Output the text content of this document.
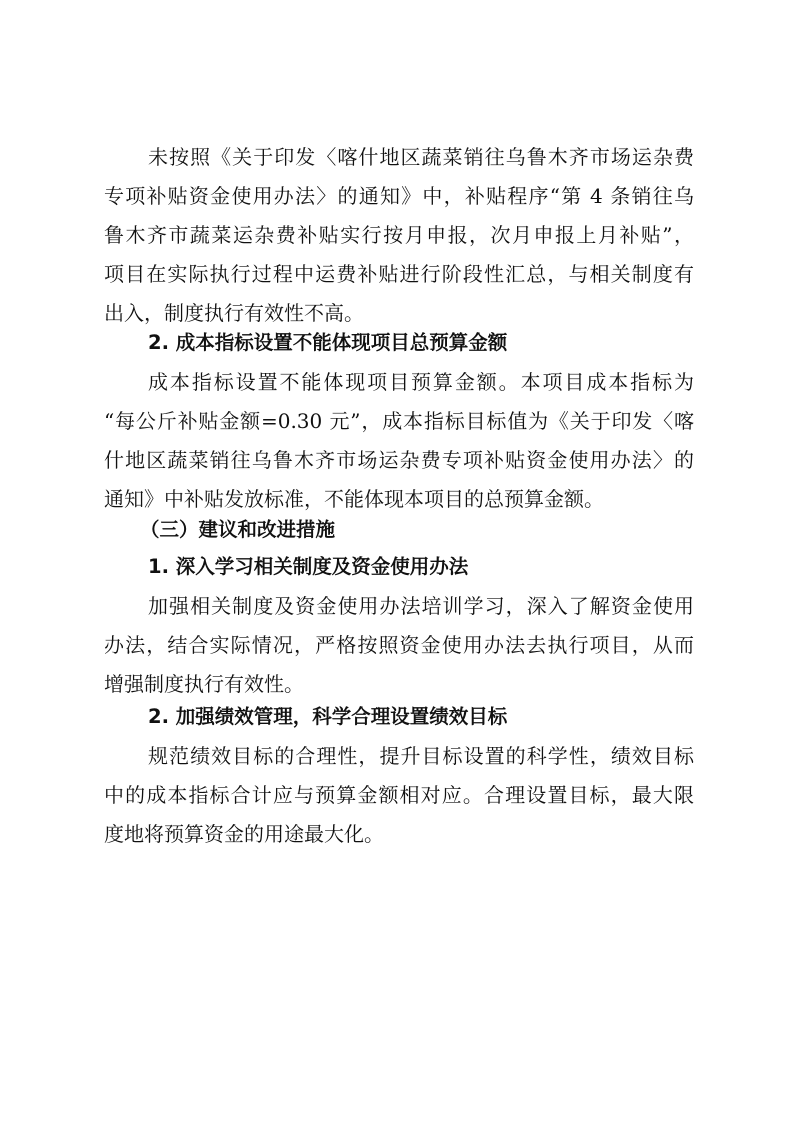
未按照《关于印发〈喀什地区蔬菜销往乌鲁木齐市场运杂费
专项补贴资金使用办法〉的通知》中，补贴程序“第 4 条销往乌
鲁木齐市蔬菜运杂费补贴实行按月申报，次月申报上月补贴”，
项目在实际执行过程中运费补贴进行阶段性汇总，与相关制度有
出入，制度执行有效性不高。
2. 成本指标设置不能体现项目总预算金额
成本指标设置不能体现项目预算金额。本项目成本指标为
“每公斤补贴金额=0.30 元”，成本指标目标值为《关于印发〈喀
什地区蔬菜销往乌鲁木齐市场运杂费专项补贴资金使用办法〉的
通知》中补贴发放标准，不能体现本项目的总预算金额。
（三）建议和改进措施
1. 深入学习相关制度及资金使用办法
加强相关制度及资金使用办法培训学习，深入了解资金使用
办法，结合实际情况，严格按照资金使用办法去执行项目，从而
增强制度执行有效性。
2. 加强绩效管理，科学合理设置绩效目标
规范绩效目标的合理性，提升目标设置的科学性，绩效目标
中的成本指标合计应与预算金额相对应。合理设置目标，最大限
度地将预算资金的用途最大化。
